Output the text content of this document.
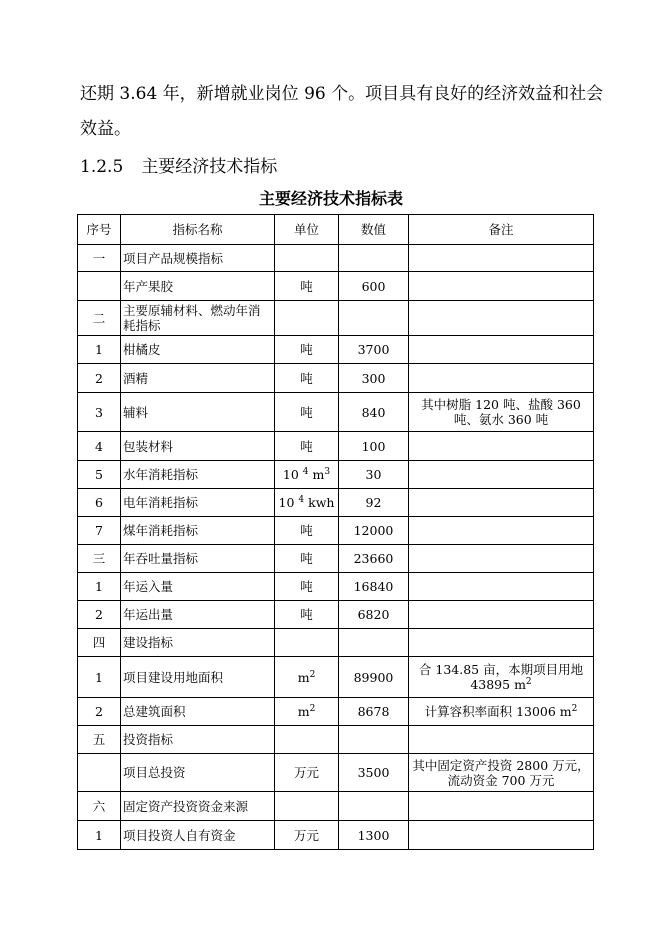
还期 3.64 年，新增就业岗位 96 个。项目具有良好的经济效益和社会
效益。
1.2.5 主要经济技术指标
主要经济技术指标表
序号	指标名称	单位	数值	备注
一	项目产品规模指标			
	年产果胶	吨	600	
二	主要原辅材料、燃动年消耗指标			
1	柑橘皮	吨	3700	
2	酒精	吨	300	
3	辅料	吨	840	其中树脂 120 吨、盐酸 360 吨、氨水 360 吨
4	包装材料	吨	100	
5	水年消耗指标	10 $^4$ $m^3$	30	
6	电年消耗指标	10 $^4$ kwh	92	
7	煤年消耗指标	吨	12000	
三	年吞吐量指标	吨	23660	
1	年运入量	吨	16840	
2	年运出量	吨	6820	
四	建设指标			
1	项目建设用地面积	$m^2$	89900	合 134.85 亩，本期项目用地 43895 $m^2$
2	总建筑面积	$m^2$	8678	计算容积率面积 13006 $m^2$
五	投资指标			
	项目总投资	万元	3500	其中固定资产投资 2800 万元，流动资金 700 万元
六	固定资产投资资金来源			
1	项目投资人自有资金	万元	1300	
